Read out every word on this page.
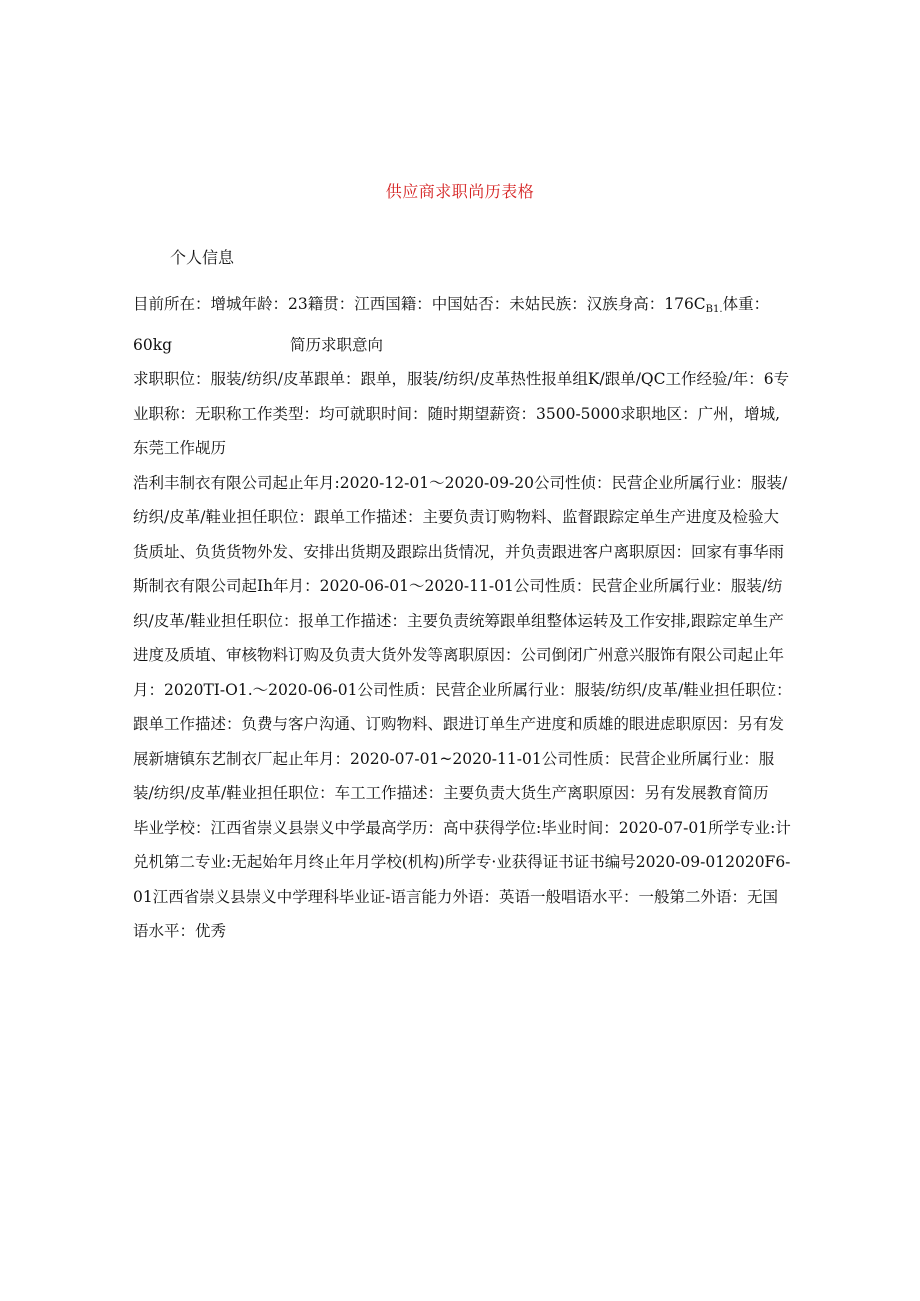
供应商求职尚历表格
个人信息

目前所在：增城年龄：23籍贯：江西国籍：中国姑否：未姑民族：汉族身高：$176C_{B1.}$体重：60kg	简历求职意向

求职职位：服装/纺织/皮革跟单：跟单，服装/纺织/皮革热性报单组K/跟单/QC工作经验/年：6专业职称：无职称工作类型：均可就职时间：随时期望薪资：3500-5000求职地区：广州，增城,东莞工作觇历

浩利丰制衣有限公司起止年月:2020-12-01～2020-09-20公司性侦：民营企业所属行业：服装/纺织/皮革/鞋业担任职位：跟单工作描述：主要负责订购物料、监督跟踪定单生产进度及检验大货质址、负货货物外发、安排出货期及跟踪出货情况，并负责跟进客户离职原因：回家有事华雨斯制衣有限公司起Ih年月：2020-06-01～2020-11-01公司性质：民营企业所属行业：服装/纺织/皮革/鞋业担任职位：报单工作描述：主要负责统筹跟单组整体运转及工作安排,跟踪定单生产进度及质埴、审核物料订购及负责大货外发等离职原因：公司倒闭广州意兴服饰有限公司起止年月：2020TI-O1.～2020-06-01公司性质：民营企业所属行业：服装/纺织/皮革/鞋业担任职位：跟单工作描述：负费与客户沟通、订购物料、跟进订单生产进度和质雄的眼进虑职原因：另有发展新塘镇东艺制衣厂起止年月：2020-07-01~2020-11-01公司性质：民营企业所属行业：服装/纺织/皮革/鞋业担任职位：车工工作描述：主要负责大货生产离职原因：另有发展教育简历

毕业学校：江西省崇义县崇义中学最高学历：高中获得学位:毕业时间：2020-07-01所学专业:计兑机第二专业:无起始年月终止年月学校(机构)所学专·业获得证书证书编号2020-09-012020F6-01江西省崇义县崇义中学理科毕业证-语言能力外语：英语一般唱语水平：一般第二外语：无国语水平：优秀
